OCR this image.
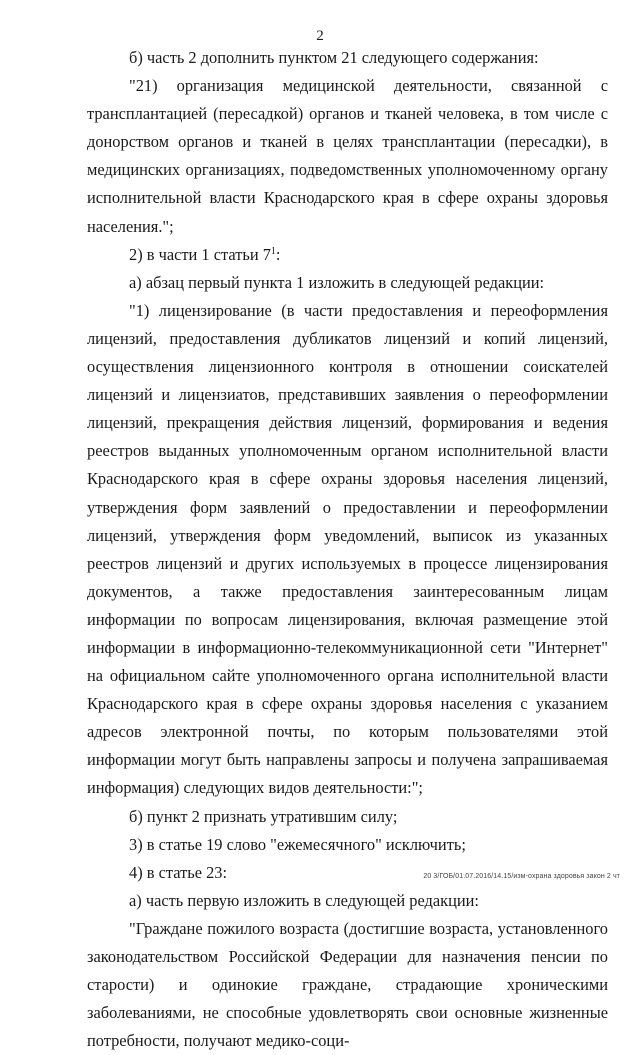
2

б) часть 2 дополнить пунктом 21 следующего содержания:

"21) организация медицинской деятельности, связанной с трансплантацией (пересадкой) органов и тканей человека, в том числе с донорством органов и тканей в целях трансплантации (пересадки), в медицинских организациях, подведомственных уполномоченному органу исполнительной власти Краснодарского края в сфере охраны здоровья населения.";

2) в части 1 статьи $7^1$:

а) абзац первый пункта 1 изложить в следующей редакции:

"1) лицензирование (в части предоставления и переоформления лицензий, предоставления дубликатов лицензий и копий лицензий, осуществления лицензионного контроля в отношении соискателей лицензий и лицензиатов, представивших заявления о переоформлении лицензий, прекращения действия лицензий, формирования и ведения реестров выданных уполномоченным органом исполнительной власти Краснодарского края в сфере охраны здоровья населения лицензий, утверждения форм заявлений о предоставлении и переоформлении лицензий, утверждения форм уведомлений, выписок из указанных реестров лицензий и других используемых в процессе лицензирования документов, а также предоставления заинтересованным лицам информации по вопросам лицензирования, включая размещение этой информации в информационно-телекоммуникационной сети "Интернет" на официальном сайте уполномоченного органа исполнительной власти Краснодарского края в сфере охраны здоровья населения с указанием адресов электронной почты, по которым пользователями этой информации могут быть направлены запросы и получена запрашиваемая информация) следующих видов деятельности:";

б) пункт 2 признать утратившим силу;

3) в статье 19 слово "ежемесячного" исключить;

4) в статье 23:

а) часть первую изложить в следующей редакции:

"Граждане пожилого возраста (достигшие возраста, установленного законодательством Российской Федерации для назначения пенсии по старости) и одинокие граждане, страдающие хроническими заболеваниями, не способные удовлетворять свои основные жизненные потребности, получают медико-соци-

20 3/ГОБ/01.07.2016/14.15/изм-охрана здоровья закон 2 чт
